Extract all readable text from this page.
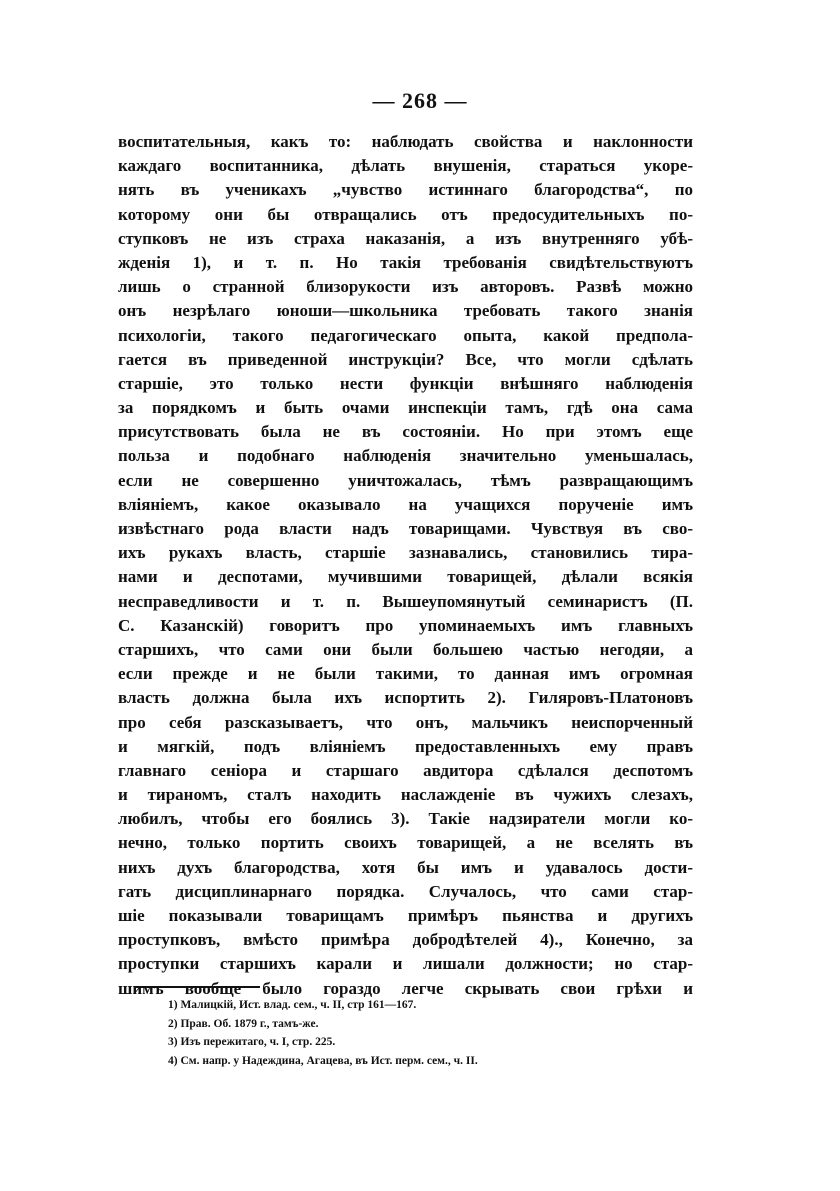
— 268 —
воспитательныя, какъ то: наблюдать свойства и наклонности
каждаго воспитанника, дѣлать внушенія, стараться укоре-
нять въ ученикахъ „чувство истиннаго благородства“, по
которому они бы отвращались отъ предосудительныхъ по-
ступковъ не изъ страха наказанія, а изъ внутренняго убѣ-
жденія 1), и т. п. Но такія требованія свидѣтельствуютъ
лишь о странной близорукости изъ авторовъ. Развѣ можно
онъ незрѣлаго юноши—школьника требовать такого знанія
психологіи, такого педагогическаго опыта, какой предпола-
гается въ приведенной инструкціи? Все, что могли сдѣлать
старшіе, это только нести функціи внѣшняго наблюденія
за порядкомъ и быть очами инспекціи тамъ, гдѣ она сама
присутствовать была не въ состояніи. Но при этомъ еще
польза и подобнаго наблюденія значительно уменьшалась,
если не совершенно уничтожалась, тѣмъ развращающимъ
вліяніемъ, какое оказывало на учащихся порученіе имъ
извѣстнаго рода власти надъ товарищами. Чувствуя въ сво-
ихъ рукахъ власть, старшіе зазнавались, становились тира-
нами и деспотами, мучившими товарищей, дѣлали всякія
несправедливости и т. п. Вышеупомянутый семинаристъ (П.
С. Казанскій) говоритъ про упоминаемыхъ имъ главныхъ
старшихъ, что сами они были большею частью негодяи, а
если прежде и не были такими, то данная имъ огромная
власть должна была ихъ испортить 2). Гиляровъ-Платоновъ
про себя разсказываетъ, что онъ, мальчикъ неиспорченный
и мягкій, подъ вліяніемъ предоставленныхъ ему правъ
главнаго сеніора и старшаго авдитора сдѣлался деспотомъ
и тираномъ, сталъ находить наслажденіе въ чужихъ слезахъ,
любилъ, чтобы его боялись 3). Такіе надзиратели могли ко-
нечно, только портить своихъ товарищей, а не вселять въ
нихъ духъ благородства, хотя бы имъ и удавалось дости-
гать дисциплинарнаго порядка. Случалось, что сами стар-
шіе показывали товарищамъ примѣръ пьянства и другихъ
проступковъ, вмѣсто примѣра добродѣтелей 4)., Конечно, за
проступки старшихъ карали и лишали должности; но стар-
шимъ вообще было гораздо легче скрывать свои грѣхи и
1) Малицкій, Ист. влад. сем., ч. II, стр 161—167.
2) Прав. Об. 1879 г., тамъ-же.
3) Изъ пережитаго, ч. I, стр. 225.
4) См. напр. у Надеждина, Агацева, въ Ист. перм. сем., ч. II.
